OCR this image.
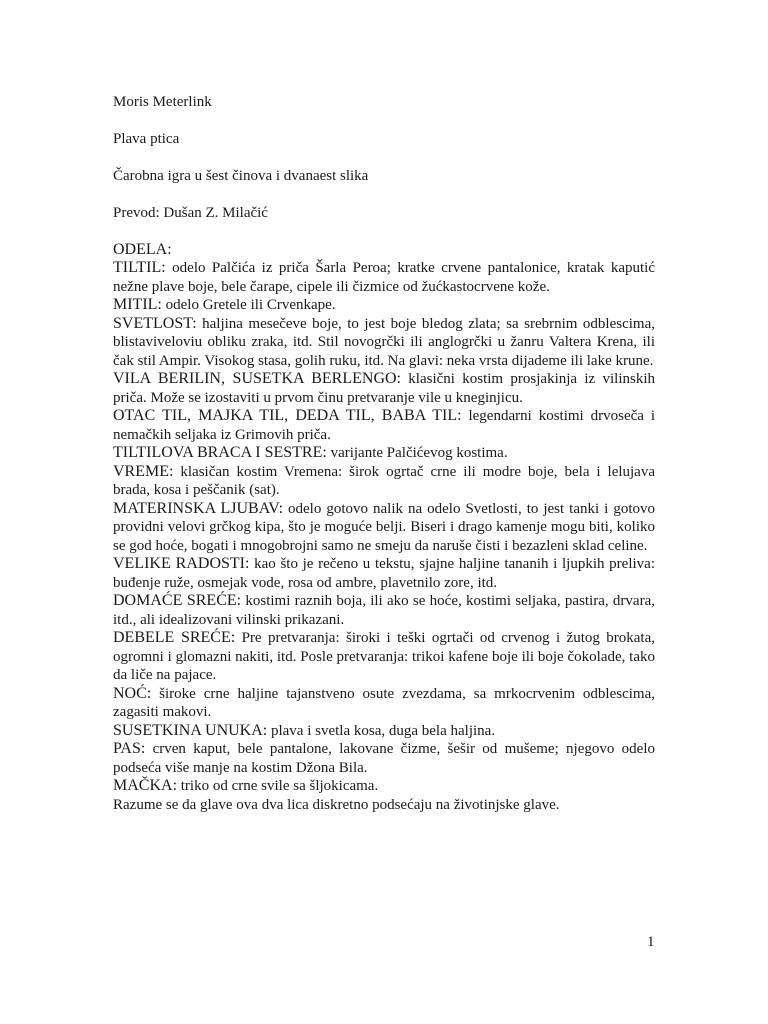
Moris Meterlink
Plava ptica
Čarobna igra u šest činova i dvanaest slika
Prevod: Dušan Z. Milačić
ODELA:

TILTIL: odelo Palčića iz priča Šarla Peroa; kratke crvene pantalonice, kratak kaputić nežne plave boje, bele čarape, cipele ili čizmice od žućkastocrvene kože.

MITIL: odelo Gretele ili Crvenkape.

SVETLOST: haljina mesečeve boje, to jest boje bledog zlata; sa srebrnim odblescima, blistaviveloviu obliku zraka, itd. Stil novogrčki ili anglogrčki u žanru Valtera Krena, ili čak stil Ampir. Visokog stasa, golih ruku, itd. Na glavi: neka vrsta dijademe ili lake krune.

VILA BERILIN, SUSETKA BERLENGO: klasični kostim prosjakinja iz vilinskih priča. Može se izostaviti u prvom činu pretvaranje vile u kneginjicu.

OTAC TIL, MAJKA TIL, DEDA TIL, BABA TIL: legendarni kostimi drvoseča i nemačkih seljaka iz Grimovih priča.

TILTILOVA BRACA I SESTRE: varijante Palčićevog kostima.

VREME: klasičan kostim Vremena: širok ogrtač crne ili modre boje, bela i lelujava brada, kosa i peščanik (sat).

MATERINSKA LJUBAV: odelo gotovo nalik na odelo Svetlosti, to jest tanki i gotovo providni velovi grčkog kipa, što je moguće belji. Biseri i drago kamenje mogu biti, koliko se god hoće, bogati i mnogobrojni samo ne smeju da naruše čisti i bezazleni sklad celine.

VELIKE RADOSTI: kao što je rečeno u tekstu, sjajne haljine tananih i ljupkih preliva: buđenje ruže, osmejak vode, rosa od ambre, plavetnilo zore, itd.

DOMAĆE SREĆE: kostimi raznih boja, ili ako se hoće, kostimi seljaka, pastira, drvara, itd., ali idealizovani vilinski prikazani.

DEBELE SREĆE: Pre pretvaranja: široki i teški ogrtači od crvenog i žutog brokata, ogromni i glomazni nakiti, itd. Posle pretvaranja: trikoi kafene boje ili boje čokolade, tako da liče na pajace.

NOĆ: široke crne haljine tajanstveno osute zvezdama, sa mrkocrvenim odblescima, zagasiti makovi.

SUSETKINA UNUKA: plava i svetla kosa, duga bela haljina.

PAS: crven kaput, bele pantalone, lakovane čizme, šešir od mušeme; njegovo odelo podseća više manje na kostim Džona Bila.

MAČKA: triko od crne svile sa šljokicama.

Razume se da glave ova dva lica diskretno podsećaju na životinjske glave.

1
